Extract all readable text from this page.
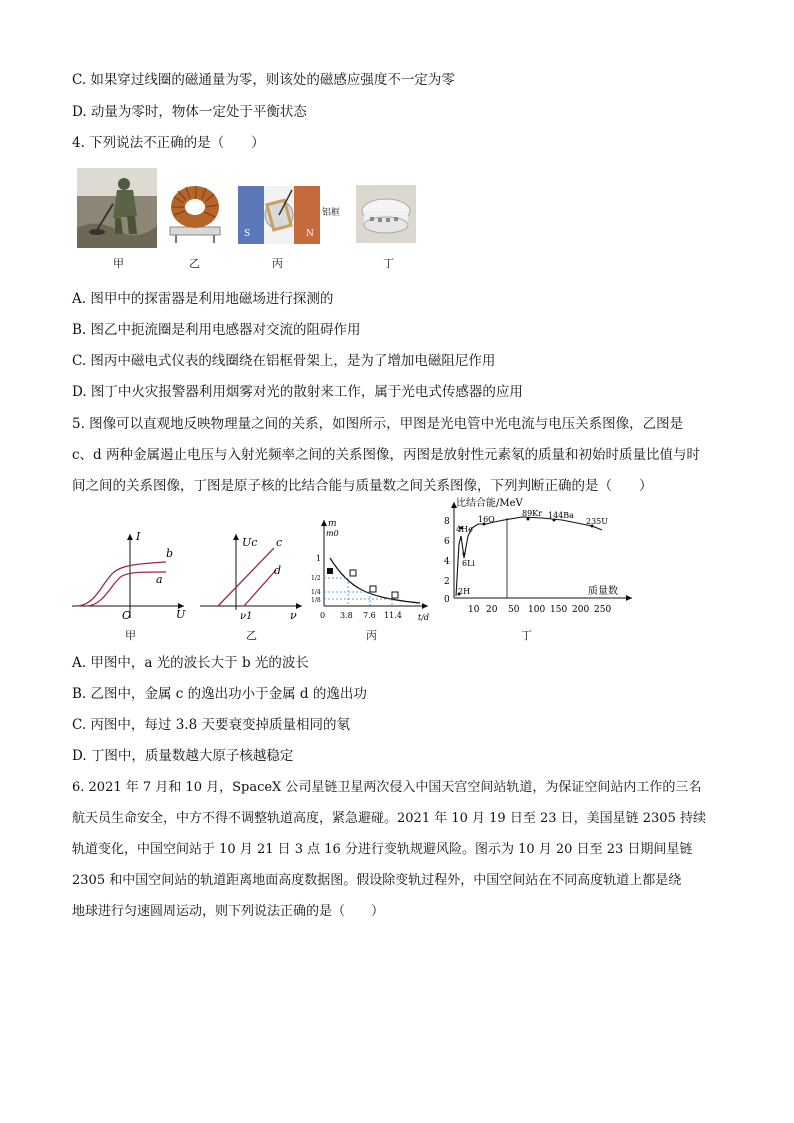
C. 如果穿过线圈的磁通量为零，则该处的磁感应强度不一定为零
D. 动量为零时，物体一定处于平衡状态
4. 下列说法不正确的是（　　）
甲	乙
S	N
铝框
丙	丁
A. 图甲中的探雷器是利用地磁场进行探测的
B. 图乙中扼流圈是利用电感器对交流的阻碍作用
C. 图丙中磁电式仪表的线圈绕在铝框骨架上，是为了增加电磁阻尼作用
D. 图丁中火灾报警器利用烟雾对光的散射来工作，属于光电式传感器的应用
5. 图像可以直观地反映物理量之间的关系，如图所示，甲图是光电管中光电流与电压关系图像，乙图是
c、d 两种金属遏止电压与入射光频率之间的关系图像，丙图是放射性元素氡的质量和初始时质量比值与时
间之间的关系图像，丁图是原子核的比结合能与质量数之间关系图像，下列判断正确的是（　　）
I
U
O
b
a
甲
Uc
ν
ν1
c
d
乙
m
m0
1
1/2
1/4
1/8
0 3.8 7.6 11.4 t/d
丙
比结合能/MeV
质量数
8
6
4
2
0
10 20 50 100 150 200 250
4He
16O
89Kr 144Ba
235U
6Li
2H
丁
A. 甲图中，a 光的波长大于 b 光的波长
B. 乙图中，金属 c 的逸出功小于金属 d 的逸出功
C. 丙图中，每过 3.8 天要衰变掉质量相同的氡
D. 丁图中，质量数越大原子核越稳定
6. 2021 年 7 月和 10 月，SpaceX 公司星链卫星两次侵入中国天宫空间站轨道，为保证空间站内工作的三名
航天员生命安全，中方不得不调整轨道高度，紧急避碰。2021 年 10 月 19 日至 23 日，美国星链 2305 持续
轨道变化，中国空间站于 10 月 21 日 3 点 16 分进行变轨规避风险。图示为 10 月 20 日至 23 日期间星链
2305 和中国空间站的轨道距离地面高度数据图。假设除变轨过程外，中国空间站在不同高度轨道上都是绕
地球进行匀速圆周运动，则下列说法正确的是（　　）
